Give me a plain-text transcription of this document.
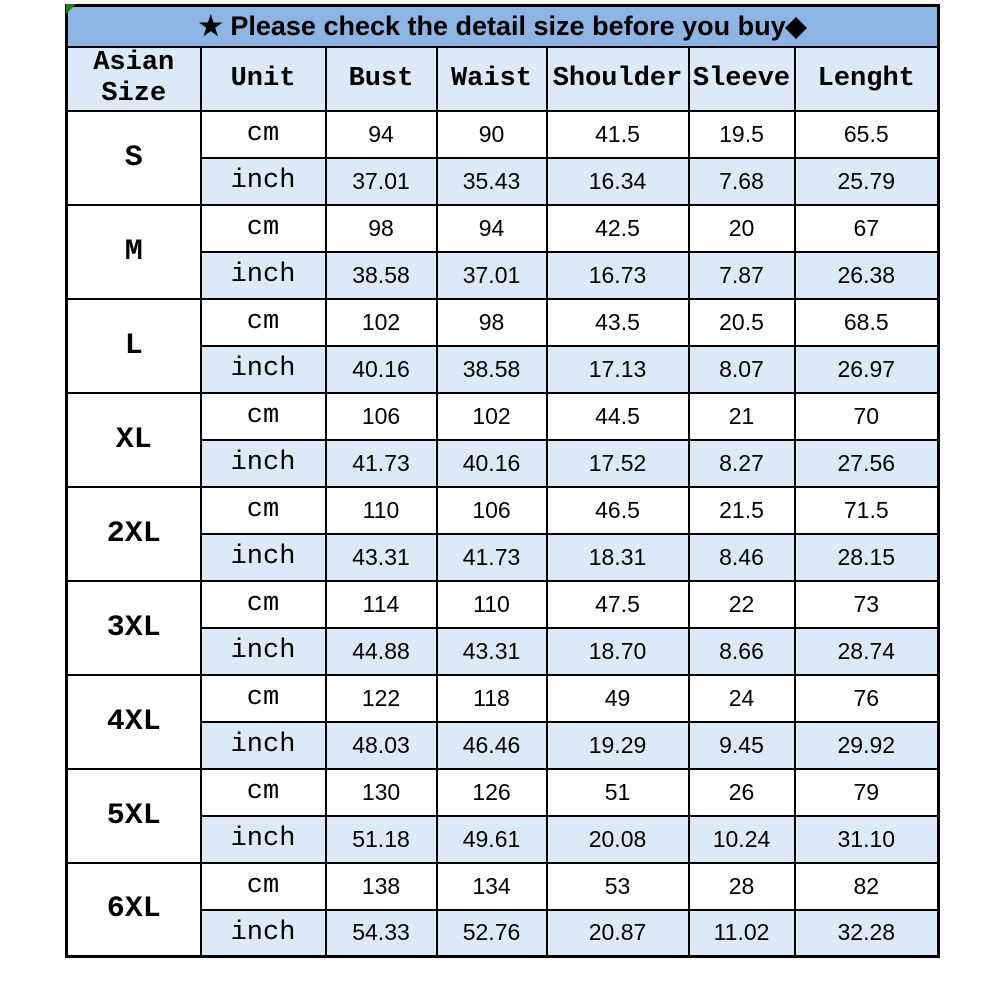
★ Please check the detail size before you buy◆						
Asian
Size	Unit	Bust	Waist	Shoulder	Sleeve	Lenght
S	cm	94	90	41.5	19.5	65.5
	inch	37.01	35.43	16.34	7.68	25.79
M	cm	98	94	42.5	20	67
	inch	38.58	37.01	16.73	7.87	26.38
L	cm	102	98	43.5	20.5	68.5
	inch	40.16	38.58	17.13	8.07	26.97
XL	cm	106	102	44.5	21	70
	inch	41.73	40.16	17.52	8.27	27.56
2XL	cm	110	106	46.5	21.5	71.5
	inch	43.31	41.73	18.31	8.46	28.15
3XL	cm	114	110	47.5	22	73
	inch	44.88	43.31	18.70	8.66	28.74
4XL	cm	122	118	49	24	76
	inch	48.03	46.46	19.29	9.45	29.92
5XL	cm	130	126	51	26	79
	inch	51.18	49.61	20.08	10.24	31.10
6XL	cm	138	134	53	28	82
	inch	54.33	52.76	20.87	11.02	32.28
